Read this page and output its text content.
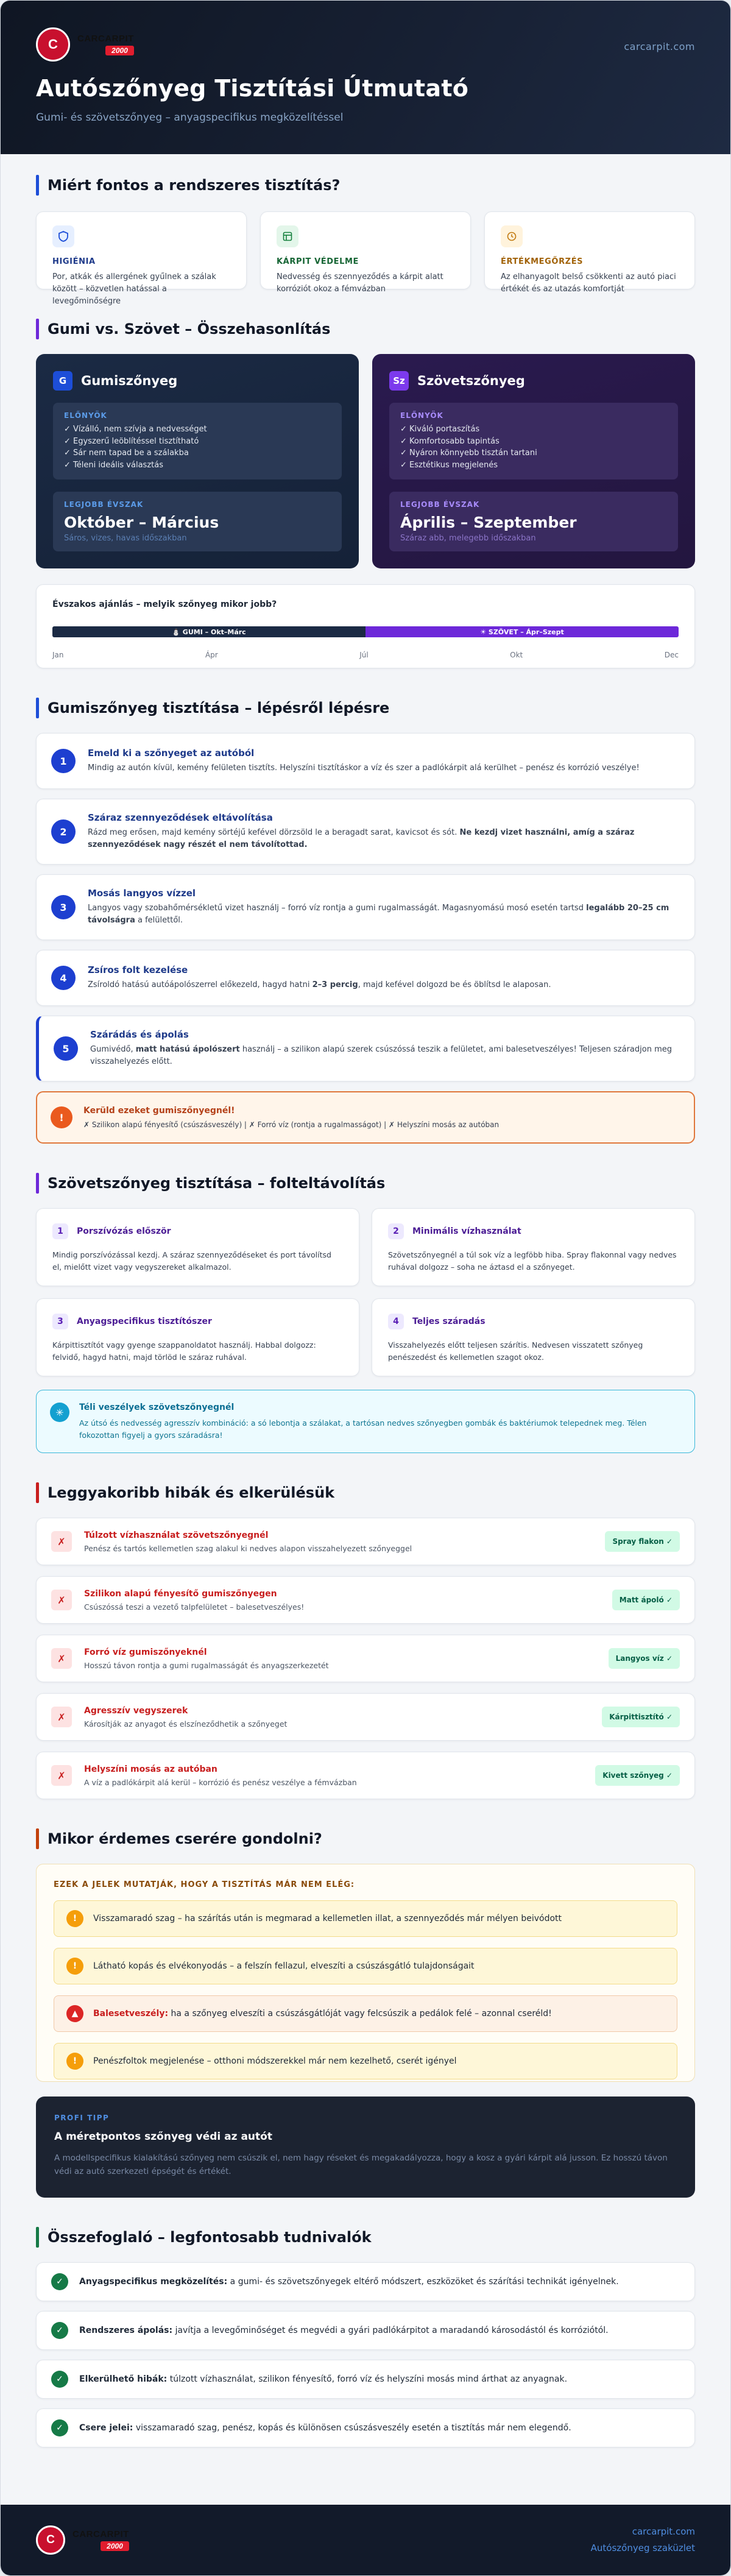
C	CARCARPIT
2000	carcarpit.com
Autószőnyeg Tisztítási Útmutató
Gumi- és szövetszőnyeg – anyagspecifikus megközelítéssel
Miért fontos a rendszeres tisztítás?
HIGIÉNIA

Por, atkák és allergének gyűlnek a szálak között – közvetlen hatással a levegőminőségre

KÁRPIT VÉDELME

Nedvesség és szennyeződés a kárpit alatt korróziót okoz a fémvázban

ÉRTÉKMEGŐRZÉS

Az elhanyagolt belső csökkenti az autó piaci értékét és az utazás komfortját

Gumi vs. Szövet – Összehasonlítás
G	Gumiszőnyeg
ELŐNYÖK
✓ Vízálló, nem szívja a nedvességet
✓ Egyszerű leöblítéssel tisztítható
✓ Sár nem tapad be a szálakba
✓ Téleni ideális választás
LEGJOBB ÉVSZAK
Október – Március
Sáros, vizes, havas időszakban
Sz Szövetszőnyeg
ELŐNYÖK
✓ Kiváló portaszítás
✓ Komfortosabb tapintás
✓ Nyáron könnyebb tisztán tartani
✓ Esztétikus megjelenés
LEGJOBB ÉVSZAK
Április – Szeptember
Száraz abb, melegebb időszakban
Évszakos ajánlás – melyik szőnyeg mikor jobb?
⛄ GUMI – Okt–Márc	☀ SZÖVET – Ápr–Szept
Jan	Ápr	Júl	Okt	Dec
Gumiszőnyeg tisztítása – lépésről lépésre
1
Emeld ki a szőnyeget az autóból

Mindig az autón kívül, kemény felületen tisztíts. Helyszíni tisztításkor a víz és szer a padlókárpit alá kerülhet – penész és korrózió veszélye!

2
Száraz szennyeződések eltávolítása

Rázd meg erősen, majd kemény sörtéjű kefével dörzsöld le a beragadt sarat, kavicsot és sót. Ne kezdj vizet használni, amíg a száraz szennyeződések nagy részét el nem távolítottad.

3
Mosás langyos vízzel

Langyos vagy szobahőmérsékletű vizet használj – forró víz rontja a gumi rugalmasságát. Magasnyomású mosó esetén tartsd legalább 20–25 cm távolságra a felülettől.

4
Zsíros folt kezelése

Zsíroldó hatású autóápolószerrel előkezeld, hagyd hatni 2–3 percig, majd kefével dolgozd be és öblítsd le alaposan.

5
Szárádás és ápolás

Gumivédő, matt hatású ápolószert használj – a szilikon alapú szerek csúszóssá teszik a felületet, ami balesetveszélyes! Teljesen száradjon meg visszahelyezés előtt.

!
Kerüld ezeket gumiszőnyegnél!

✗ Szilikon alapú fényesítő (csúszásveszély) | ✗ Forró víz (rontja a rugalmasságot) | ✗ Helyszíni mosás az autóban

Szövetszőnyeg tisztítása – folteltávolítás
1	Porszívózás először

Mindig porszívózással kezdj. A száraz szennyeződéseket és port távolítsd el, mielőtt vizet vagy vegyszereket alkalmazol.

2	Minimális vízhasználat

Szövetszőnyegnél a túl sok víz a legföbb hiba. Spray flakonnal vagy nedves ruhával dolgozz – soha ne áztasd el a szőnyeget.

3	Anyagspecifikus tisztítószer

Kárpittisztítót vagy gyenge szappanoldatot használj. Habbal dolgozz: felvidő, hagyd hatni, majd törlöd le száraz ruhával.

4	Teljes száradás

Visszahelyezés előtt teljesen szárítis. Nedvesen visszatett szőnyeg penészedést és kellemetlen szagot okoz.

✳	Téli veszélyek szövetszőnyegnél

Az útsó és nedvesség agresszív kombináció: a só lebontja a szálakat, a tartósan nedves szőnyegben gombák és baktériumok telepednek meg. Télen fokozottan figyelj a gyors száradásra!

Leggyakoribb hibák és elkerülésük
✗
Túlzott vízhasználat szövetszőnyegnél

Penész és tartós kellemetlen szag alakul ki nedves alapon visszahelyezett szőnyeggel

Spray flakon ✓
✗
Szilikon alapú fényesítő gumiszőnyegen

Csúszóssá teszi a vezető talpfelületet – balesetveszélyes!

Matt ápoló ✓
✗
Forró víz gumiszőnyeknél

Hosszú távon rontja a gumi rugalmasságát és anyagszerkezetét

Langyos víz ✓
✗
Agresszív vegyszerek

Károsítják az anyagot és elszíneződhetik a szőnyeget

Kárpittisztító ✓
✗
Helyszíni mosás az autóban

A víz a padlókárpit alá kerül – korrózió és penész veszélye a fémvázban

Kivett szőnyeg ✓
Mikor érdemes cserére gondolni?
EZEK A JELEK MUTATJÁK, HOGY A TISZTÍTÁS MÁR NEM ELÉG:
!	Visszamaradó szag – ha szárítás után is megmarad a kellemetlen illat, a szennyeződés már mélyen beivódott
!	Látható kopás és elvékonyodás – a felszín fellazul, elveszíti a csúszásgátló tulajdonságait
▲	Balesetveszély: ha a szőnyeg elveszíti a csúszásgátlóját vagy felcsúszik a pedálok felé – azonnal cseréld!
!	Penészfoltok megjelenése – otthoni módszerekkel már nem kezelhető, cserét igényel
PROFI TIPP
A méretpontos szőnyeg védi az autót

A modellspecifikus kialakítású szőnyeg nem csúszik el, nem hagy réseket és megakadályozza, hogy a kosz a gyári kárpit alá jusson. Ez hosszú távon védi az autó szerkezeti épségét és értékét.

Összefoglaló – legfontosabb tudnivalók
✓	Anyagspecifikus megközelítés: a gumi- és szövetszőnyegek eltérő módszert, eszközöket és szárítási technikát igényelnek.
✓	Rendszeres ápolás: javítja a levegőminőséget és megvédi a gyári padlókárpitot a maradandó károsodástól és korróziótól.
✓	Elkerülhető hibák: túlzott vízhasználat, szilikon fényesítő, forró víz és helyszíni mosás mind árthat az anyagnak.
✓	Csere jelei: visszamaradó szag, penész, kopás és különösen csúszásveszély esetén a tisztítás már nem elegendő.
C	CARCARPIT
2000
carcarpit.com
Autószőnyeg szaküzlet
